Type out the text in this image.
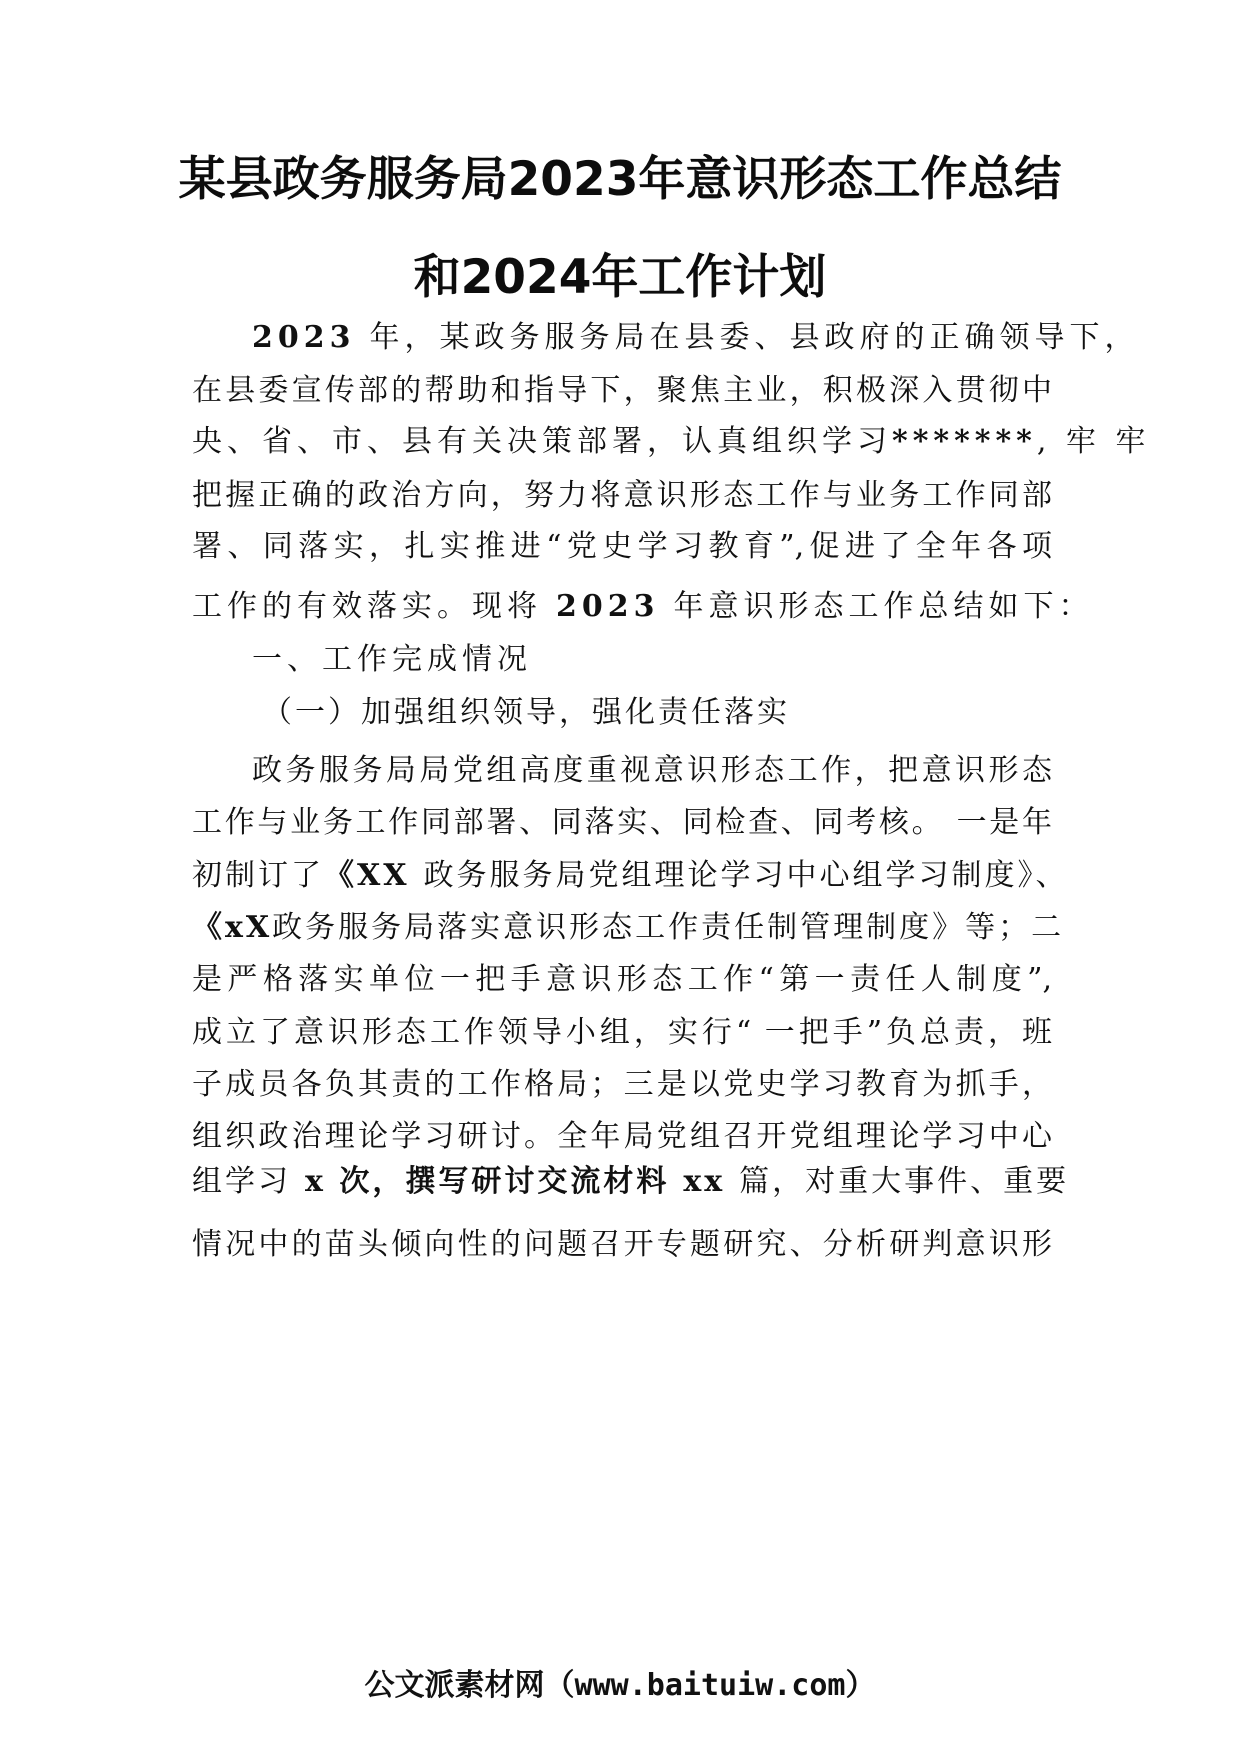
某县政务服务局2023年意识形态工作总结
和2024年工作计划
2023 年，某政务服务局在县委、县政府的正确领导下，
在县委宣传部的帮助和指导下，聚焦主业，积极深入贯彻中
央、省、市、县有关决策部署，认真组织学习*******, 牢 牢
把握正确的政治方向，努力将意识形态工作与业务工作同部
署、同落实，扎实推进“党史学习教育”,促进了全年各项
工作的有效落实。现将 2023 年意识形态工作总结如下：
一、工作完成情况
（一）加强组织领导，强化责任落实
政务服务局局党组高度重视意识形态工作，把意识形态
工作与业务工作同部署、同落实、同检查、同考核。 一是年
初制订了《XX 政务服务局党组理论学习中心组学习制度》、
《xX政务服务局落实意识形态工作责任制管理制度》等；二
是严格落实单位一把手意识形态工作“第一责任人制度”,
成立了意识形态工作领导小组，实行“ 一把手”负总责，班
子成员各负其责的工作格局；三是以党史学习教育为抓手，
组织政治理论学习研讨。全年局党组召开党组理论学习中心
组学习 x 次，撰写研讨交流材料 xx 篇，对重大事件、重要
情况中的苗头倾向性的问题召开专题研究、分析研判意识形
公文派素材网（www.baituiw.com）
